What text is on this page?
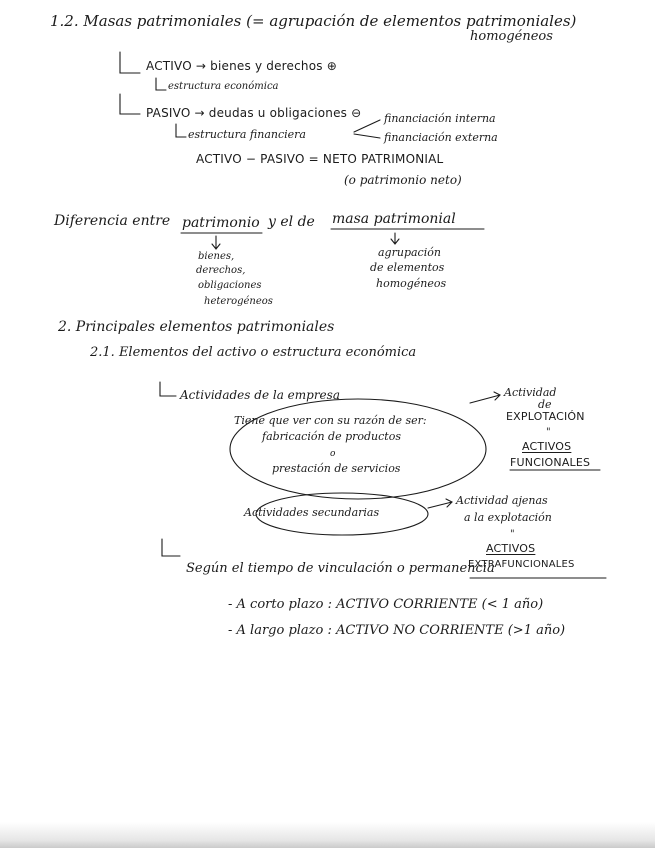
1.2. Masas patrimoniales (= agrupación de elementos patrimoniales)
homogéneos
ACTIVO → bienes y derechos ⊕
estructura económica
PASIVO → deudas u obligaciones ⊖
estructura financiera
financiación interna
financiación externa
ACTIVO − PASIVO = NETO PATRIMONIAL
(o patrimonio neto)
Diferencia entre patrimonio y el de masa patrimonial
bienes,
derechos,
obligaciones
heterogéneos
agrupación
de elementos
homogéneos
2. Principales elementos patrimoniales
2.1. Elementos del activo o estructura económica
Actividades de la empresa	Actividad
de
EXPLOTACIÓN
"
ACTIVOS
FUNCIONALES
Tiene que ver con su razón de ser:
fabricación de productos
o
prestación de servicios
Actividades secundarias
Actividad ajenas
a la explotación
"
ACTIVOS
EXTRAFUNCIONALES
Según el tiempo de vinculación o permanencia
- A corto plazo : ACTIVO CORRIENTE (< 1 año)
- A largo plazo : ACTIVO NO CORRIENTE (>1 año)
